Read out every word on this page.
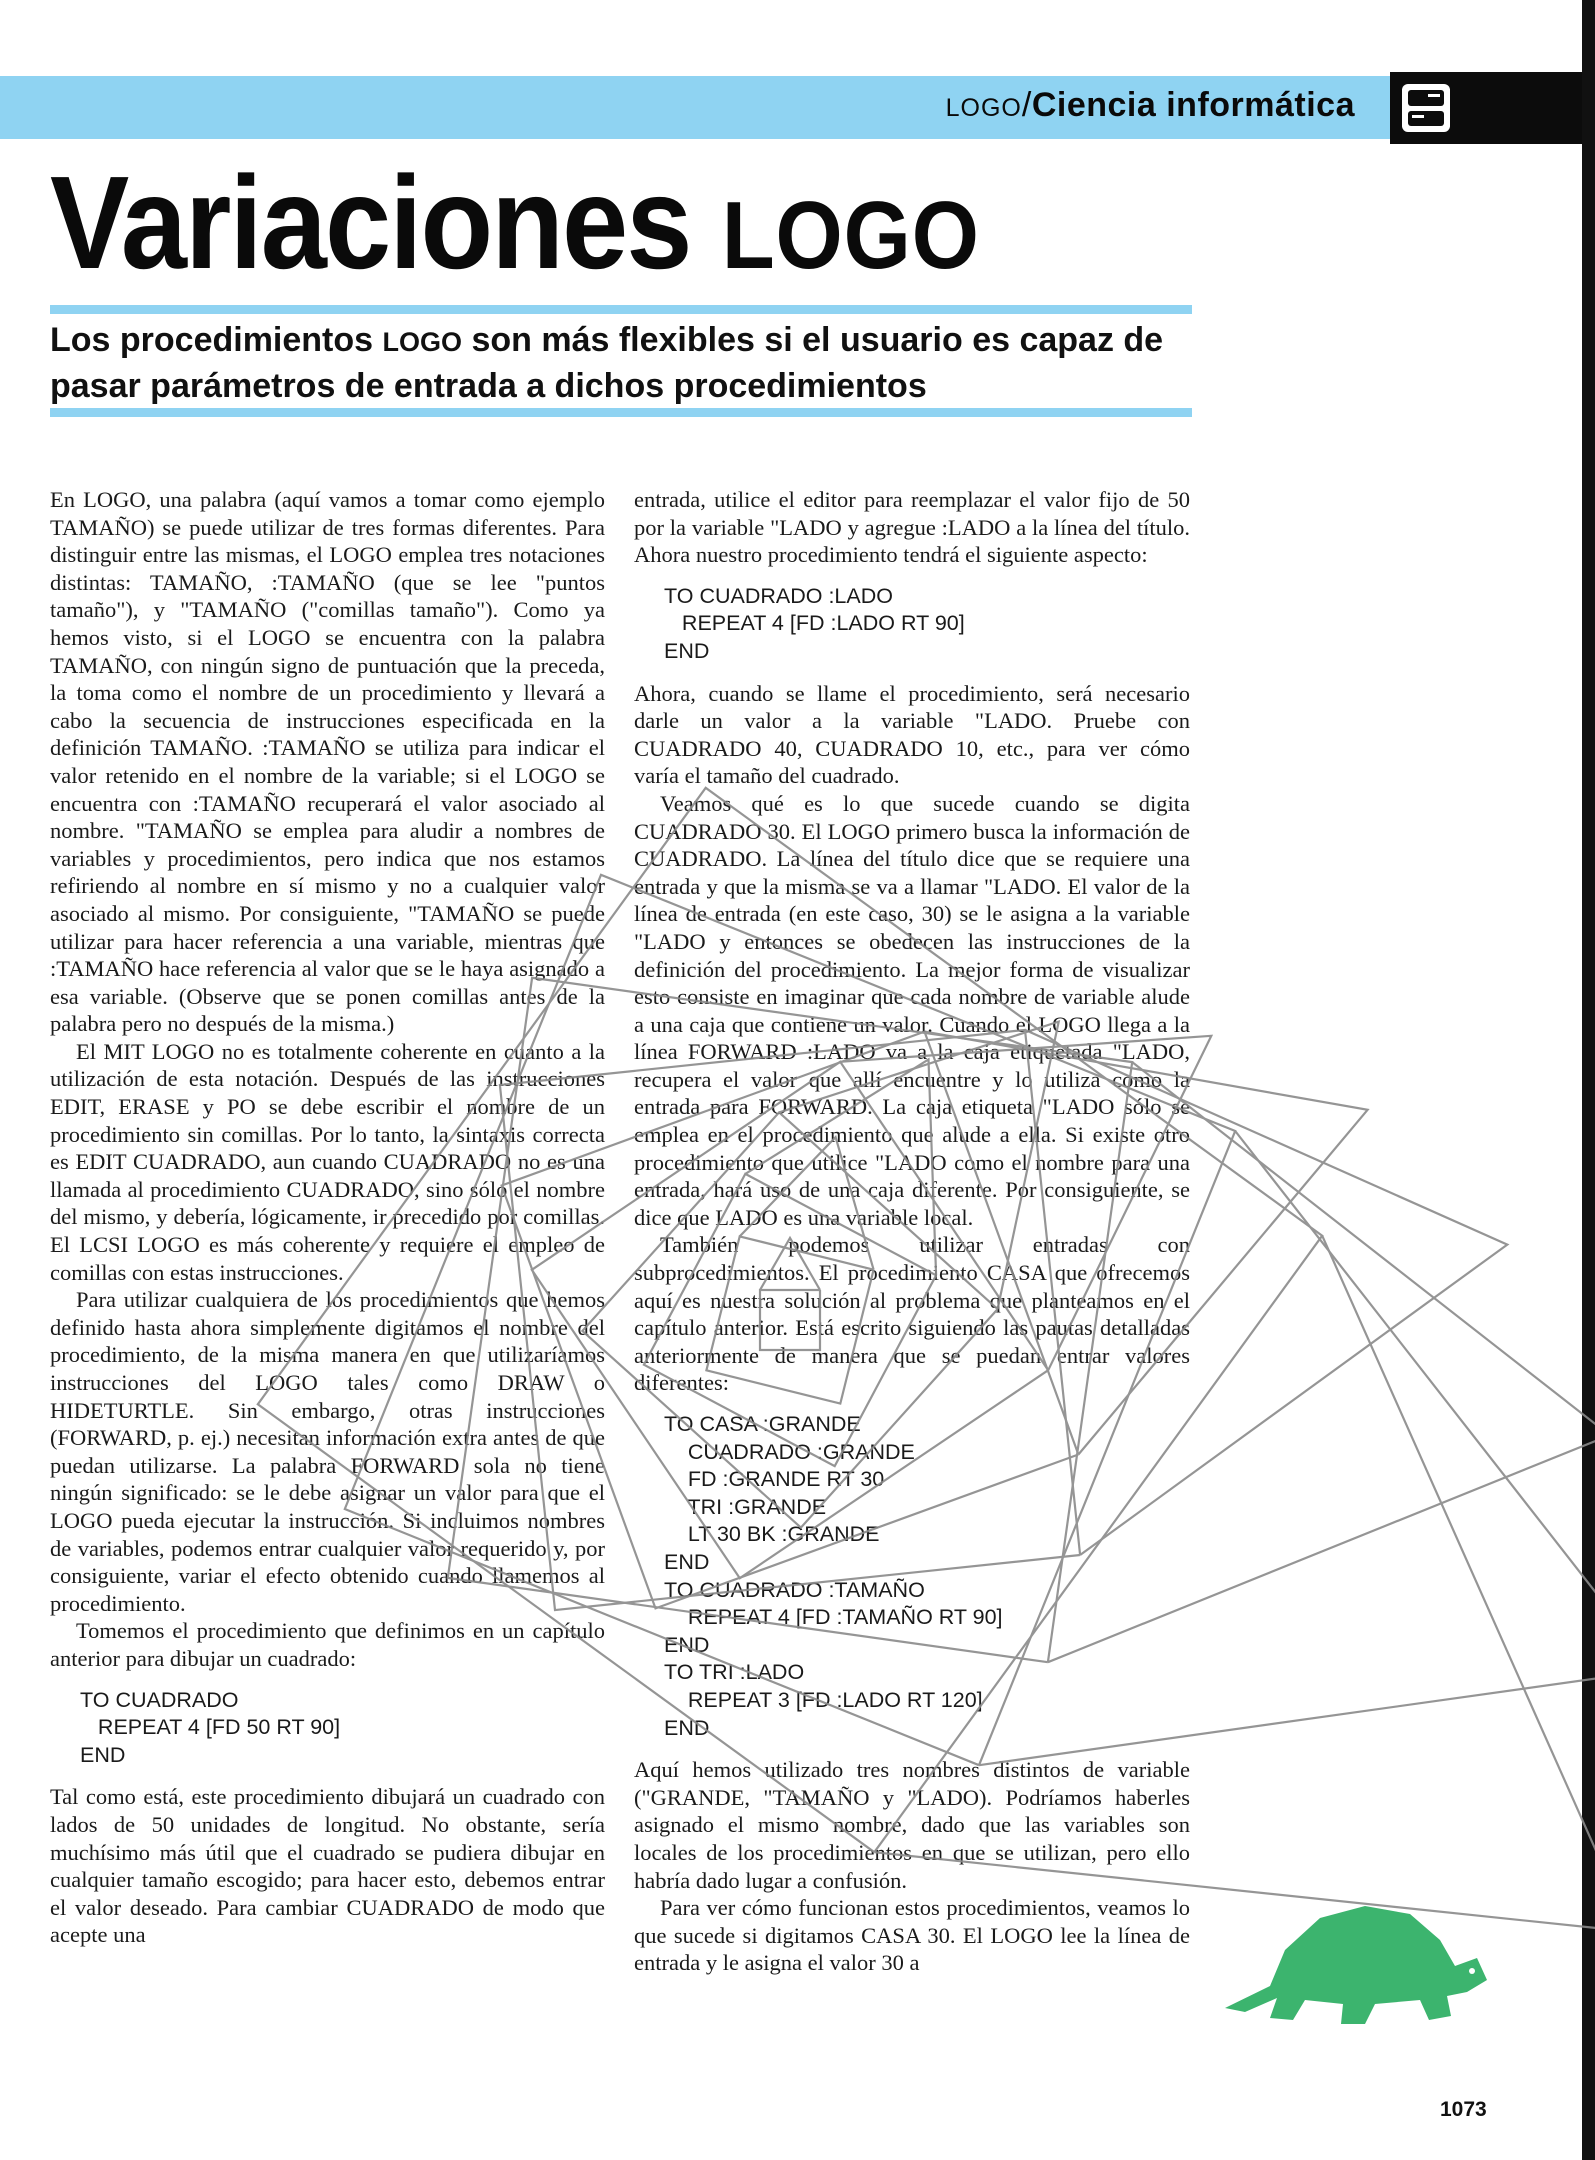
LOGO/Ciencia informática
Variaciones LOGO

Los procedimientos LOGO son más flexibles si el usuario es capaz de pasar parámetros de entrada a dichos procedimientos

En LOGO, una palabra (aquí vamos a tomar como ejemplo TAMAÑO) se puede utilizar de tres formas diferentes. Para distinguir entre las mismas, el LOGO emplea tres notaciones distintas: TAMAÑO, :TAMAÑO (que se lee "puntos tamaño"), y "TAMAÑO ("comillas tamaño"). Como ya hemos visto, si el LOGO se encuentra con la palabra TAMAÑO, con ningún signo de puntuación que la preceda, la toma como el nombre de un procedimiento y llevará a cabo la secuencia de instrucciones especificada en la definición TAMAÑO. :TAMAÑO se utiliza para indicar el valor retenido en el nombre de la variable; si el LOGO se encuentra con :TAMAÑO recuperará el valor asociado al nombre. "TAMAÑO se emplea para aludir a nombres de variables y procedimientos, pero indica que nos estamos refiriendo al nombre en sí mismo y no a cualquier valor asociado al mismo. Por consiguiente, "TAMAÑO se puede utilizar para hacer referencia a una variable, mientras que :TAMAÑO hace referencia al valor que se le haya asignado a esa variable. (Observe que se ponen comillas antes de la palabra pero no después de la misma.)

El MIT LOGO no es totalmente coherente en cuanto a la utilización de esta notación. Después de las instrucciones EDIT, ERASE y PO se debe escribir el nombre de un procedimiento sin comillas. Por lo tanto, la sintaxis correcta es EDIT CUADRADO, aun cuando CUADRADO no es una llamada al procedimiento CUADRADO, sino sólo el nombre del mismo, y debería, lógicamente, ir precedido por comillas. El LCSI LOGO es más coherente y requiere el empleo de comillas con estas instrucciones.

Para utilizar cualquiera de los procedimientos que hemos definido hasta ahora simplemente digitamos el nombre del procedimiento, de la misma manera en que utilizaríamos instrucciones del LOGO tales como DRAW o HIDETURTLE. Sin embargo, otras instrucciones (FORWARD, p. ej.) necesitan información extra antes de que puedan utilizarse. La palabra FORWARD sola no tiene ningún significado: se le debe asignar un valor para que el LOGO pueda ejecutar la instrucción. Si incluimos nombres de variables, podemos entrar cualquier valor requerido y, por consiguiente, variar el efecto obtenido cuando llamemos al procedimiento.

Tomemos el procedimiento que definimos en un capítulo anterior para dibujar un cuadrado:

TO CUADRADO
REPEAT 4 [FD 50 RT 90]
END

Tal como está, este procedimiento dibujará un cuadrado con lados de 50 unidades de longitud. No obstante, sería muchísimo más útil que el cuadrado se pudiera dibujar en cualquier tamaño escogido; para hacer esto, debemos entrar el valor deseado. Para cambiar CUADRADO de modo que acepte una

entrada, utilice el editor para reemplazar el valor fijo de 50 por la variable "LADO y agregue :LADO a la línea del título. Ahora nuestro procedimiento tendrá el siguiente aspecto:

TO CUADRADO :LADO
REPEAT 4 [FD :LADO RT 90]
END

Ahora, cuando se llame el procedimiento, será necesario darle un valor a la variable "LADO. Pruebe con CUADRADO 40, CUADRADO 10, etc., para ver cómo varía el tamaño del cuadrado.

Veamos qué es lo que sucede cuando se digita CUADRADO 30. El LOGO primero busca la información de CUADRADO. La línea del título dice que se requiere una entrada y que la misma se va a llamar "LADO. El valor de la línea de entrada (en este caso, 30) se le asigna a la variable "LADO y entonces se obedecen las instrucciones de la definición del procedimiento. La mejor forma de visualizar esto consiste en imaginar que cada nombre de variable alude a una caja que contiene un valor. Cuando el LOGO llega a la línea FORWARD :LADO va a la caja etiquetada "LADO, recupera el valor que allí encuentre y lo utiliza como la entrada para FORWARD. La caja etiqueta "LADO sólo se emplea en el procedimiento que alude a ella. Si existe otro procedimiento que utilice "LADO como el nombre para una entrada, hará uso de una caja diferente. Por consiguiente, se dice que LADO es una variable local.

También podemos utilizar entradas con subprocedimientos. El procedimiento CASA que ofrecemos aquí es nuestra solución al problema que planteamos en el capítulo anterior. Está escrito siguiendo las pautas detalladas anteriormente de manera que se puedan entrar valores diferentes:

TO CASA :GRANDE
CUADRADO :GRANDE
FD :GRANDE RT 30
TRI :GRANDE
LT 30 BK :GRANDE
END
TO CUADRADO :TAMAÑO
REPEAT 4 [FD :TAMAÑO RT 90]
END
TO TRI :LADO
REPEAT 3 [FD :LADO RT 120]
END

Aquí hemos utilizado tres nombres distintos de variable ("GRANDE, "TAMAÑO y "LADO). Podríamos haberles asignado el mismo nombre, dado que las variables son locales de los procedimientos en que se utilizan, pero ello habría dado lugar a confusión.

Para ver cómo funcionan estos procedimientos, veamos lo que sucede si digitamos CASA 30. El LOGO lee la línea de entrada y le asigna el valor 30 a

1073
